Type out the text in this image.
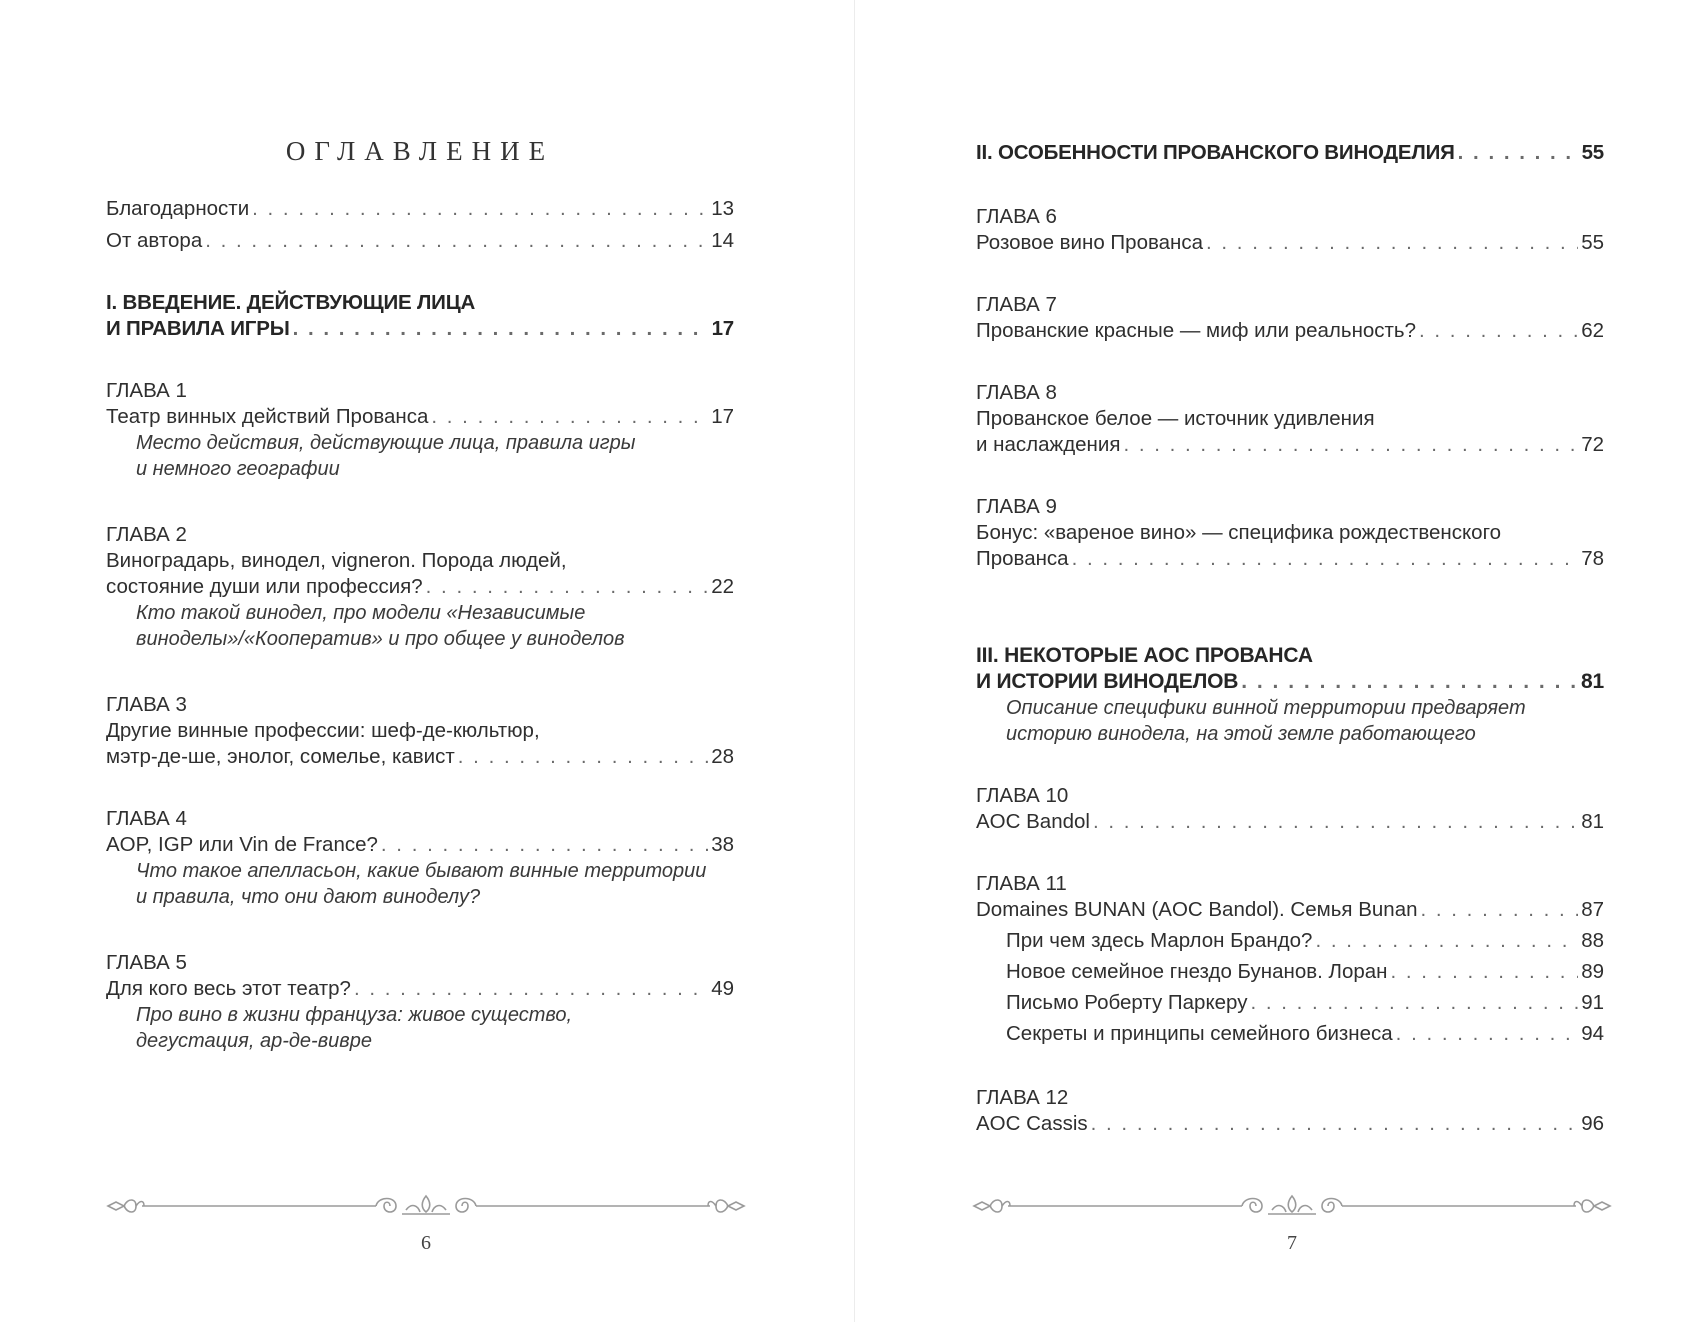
ОГЛАВЛЕНИЕ
Благодарности . . .	13
От автора . . .	14
I. ВВЕДЕНИЕ. ДЕЙСТВУЮЩИЕ ЛИЦА
И ПРАВИЛА ИГРЫ . . .	17
ГЛАВА 1
Театр винных действий Прованса . . .	17
Место действия, действующие лица, правила игры
и немного географии
ГЛАВА 2
Виноградарь, винодел, vigneron. Порода людей,
состояние души или профессия? . . .	22
Кто такой винодел, про модели «Независимые
виноделы»/«Кооператив» и про общее у виноделов
ГЛАВА 3
Другие винные профессии: шеф-де-кюльтюр,
мэтр-де-ше, энолог, сомелье, кавист . . .	28
ГЛАВА 4
AOP, IGP или Vin de France? . . .	38
Что такое апелласьон, какие бывают винные территории
и правила, что они дают виноделу?
ГЛАВА 5
Для кого весь этот театр? . . .	49
Про вино в жизни француза: живое существо,
дегустация, ар-де-вивре
6
II. ОСОБЕННОСТИ ПРОВАНСКОГО ВИНОДЕЛИЯ . . .	55
ГЛАВА 6
Розовое вино Прованса . . .	55
ГЛАВА 7
Прованские красные — миф или реальность? . . .	62
ГЛАВА 8
Прованское белое — источник удивления
и наслаждения . . .	72
ГЛАВА 9
Бонус: «вареное вино» — специфика рождественского
Прованса . . .	78
III. НЕКОТОРЫЕ АОС ПРОВАНСА
И ИСТОРИИ ВИНОДЕЛОВ . . .	81
Описание специфики винной территории предваряет
историю винодела, на этой земле работающего
ГЛАВА 10
AOC Bandol . . .	81
ГЛАВА 11
Domaines BUNAN (AOC Bandol). Семья Bunan . . .	87
При чем здесь Марлон Брандо? . . .	88
Новое семейное гнездо Бунанов. Лоран . . .	89
Письмо Роберту Паркеру . . .	91
Секреты и принципы семейного бизнеса . . .	94
ГЛАВА 12
AOC Cassis . . .	96
7
